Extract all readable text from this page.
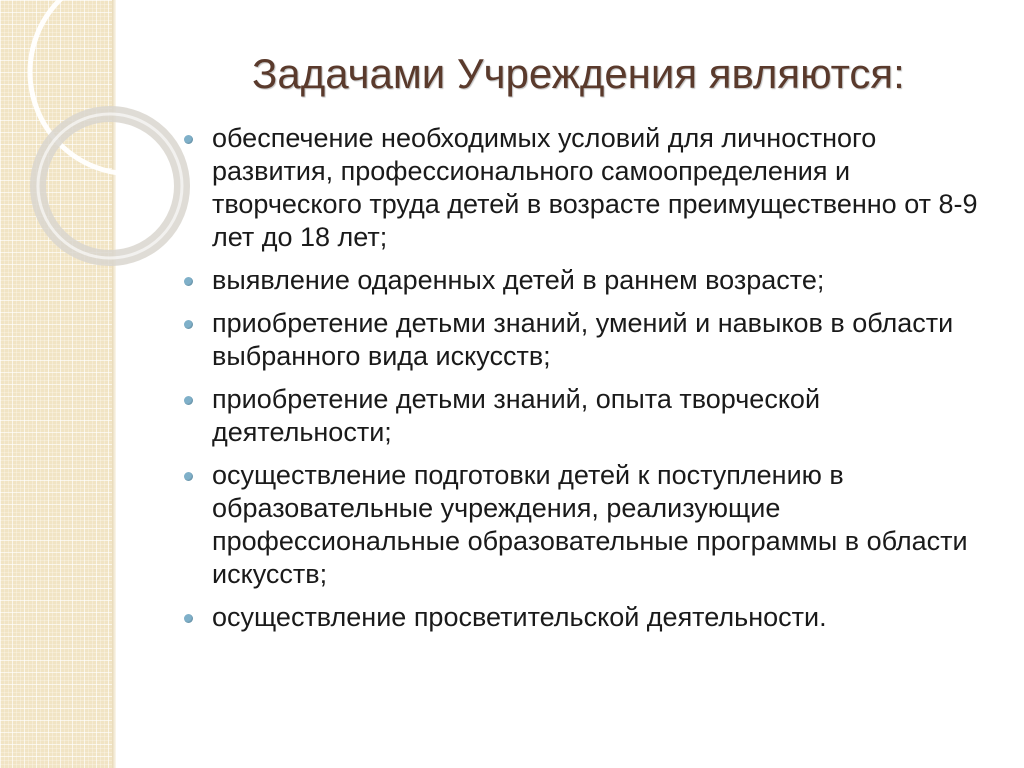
Задачами Учреждения являются:
обеспечение необходимых условий для личностного развития, профессионального самоопределения и творческого труда детей в возрасте преимущественно от 8-9 лет до 18 лет;
выявление одаренных детей в раннем возрасте;
приобретение детьми знаний, умений и навыков в области выбранного вида искусств;
приобретение детьми знаний, опыта творческой деятельности;
осуществление подготовки детей к поступлению в образовательные учреждения, реализующие профессиональные образовательные программы в области искусств;
осуществление просветительской деятельности.
